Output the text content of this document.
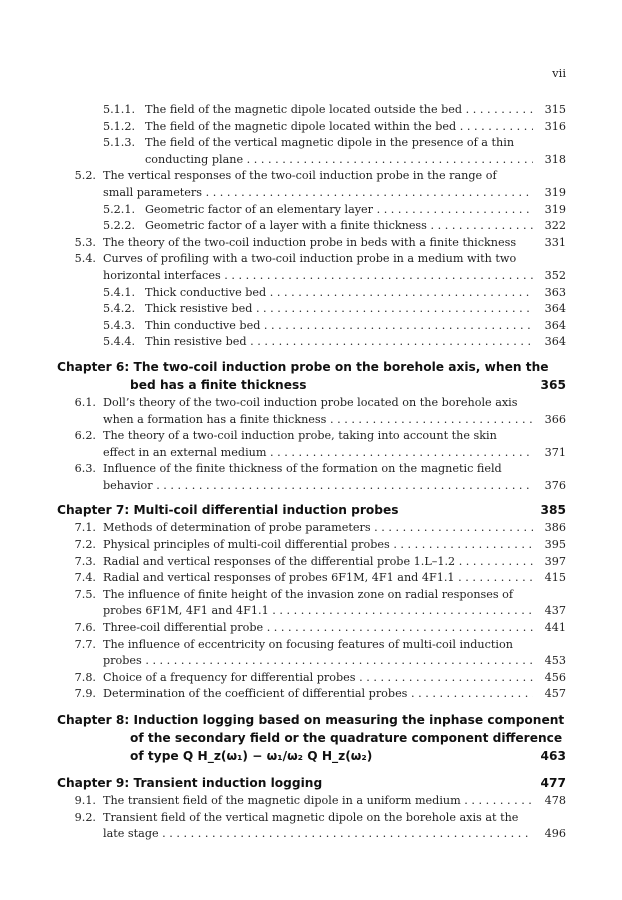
vii
5.1.1. The field of the magnetic dipole located outside the bed . . .	315
5.1.2. The field of the magnetic dipole located within the bed . . .	316
5.1.3. The field of the vertical magnetic dipole in the presence of a thin
conducting plane . . .	318
5.2. The vertical responses of the two-coil induction probe in the range of
small parameters . . .	319
5.2.1. Geometric factor of an elementary layer . . .	319
5.2.2. Geometric factor of a layer with a finite thickness . . .	322
5.3. The theory of the two-coil induction probe in beds with a finite thickness	331
5.4. Curves of profiling with a two-coil induction probe in a medium with two
horizontal interfaces . . .	352
5.4.1. Thick conductive bed . . .	363
5.4.2. Thick resistive bed . . .	364
5.4.3. Thin conductive bed . . .	364
5.4.4. Thin resistive bed . . .	364
Chapter 6: The two-coil induction probe on the borehole axis, when the
bed has a finite thickness	365
6.1. Doll’s theory of the two-coil induction probe located on the borehole axis
when a formation has a finite thickness . . .	366
6.2. The theory of a two-coil induction probe, taking into account the skin
effect in an external medium . . .	371
6.3. Influence of the finite thickness of the formation on the magnetic field
behavior . . .	376
Chapter 7: Multi-coil differential induction probes	385
7.1. Methods of determination of probe parameters . . .	386
7.2. Physical principles of multi-coil differential probes . . .	395
7.3. Radial and vertical responses of the differential probe 1.L–1.2 . . .	397
7.4. Radial and vertical responses of probes 6F1M, 4F1 and 4F1.1 . . .	415
7.5. The influence of finite height of the invasion zone on radial responses of
probes 6F1M, 4F1 and 4F1.1 . . .	437
7.6. Three-coil differential probe . . .	441
7.7. The influence of eccentricity on focusing features of multi-coil induction
probes . . .	453
7.8. Choice of a frequency for differential probes . . .	456
7.9. Determination of the coefficient of differential probes . . .	457
Chapter 8: Induction logging based on measuring the inphase component
of the secondary field or the quadrature component difference
of type Q H_z(ω₁) − ω₁/ω₂ Q H_z(ω₂)	463
Chapter 9: Transient induction logging	477
9.1. The transient field of the magnetic dipole in a uniform medium . . .	478
9.2. Transient field of the vertical magnetic dipole on the borehole axis at the
late stage . . .	496
